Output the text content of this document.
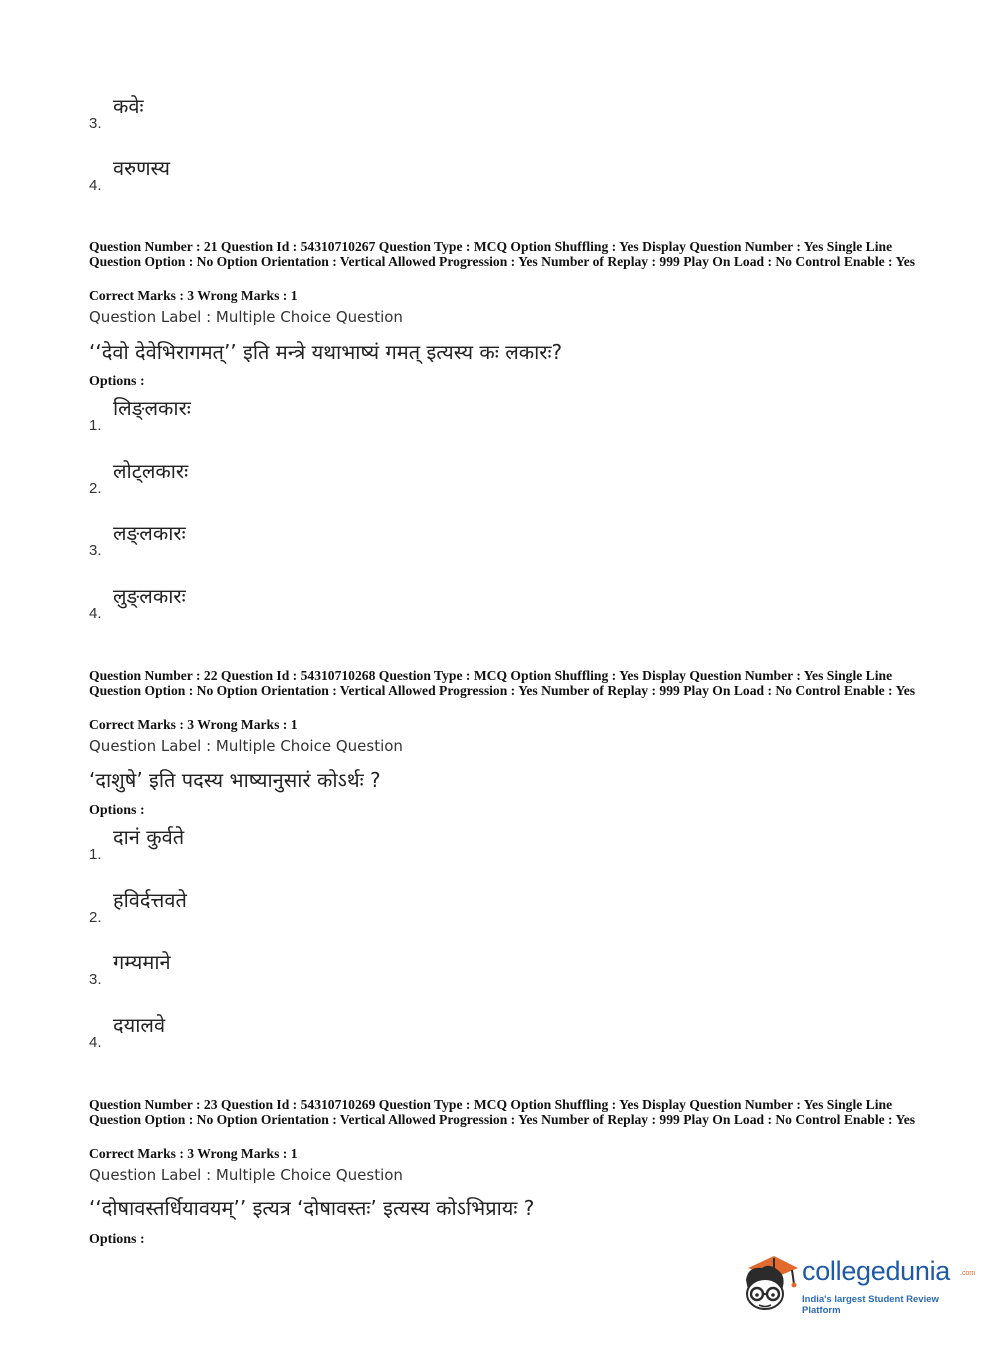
3.
कवेः
4.
वरुणस्य
Question Number : 21 Question Id : 54310710267 Question Type : MCQ Option Shuffling : Yes Display Question Number : Yes Single Line Question Option : No Option Orientation : Vertical Allowed Progression : Yes Number of Replay : 999 Play On Load : No Control Enable : Yes
Correct Marks : 3 Wrong Marks : 1
Question Label : Multiple Choice Question
‘‘देवो देवेभिरागमत्’’ इति मन्त्रे यथाभाष्यं गमत् इत्यस्य कः लकारः?
Options :
1.
लिङ्लकारः
2.
लोट्लकारः
3.
लङ्लकारः
4.
लुङ्लकारः
Question Number : 22 Question Id : 54310710268 Question Type : MCQ Option Shuffling : Yes Display Question Number : Yes Single Line Question Option : No Option Orientation : Vertical Allowed Progression : Yes Number of Replay : 999 Play On Load : No Control Enable : Yes
Correct Marks : 3 Wrong Marks : 1
Question Label : Multiple Choice Question
‘दाशुषे’ इति पदस्य भाष्यानुसारं कोऽर्थः ?
Options :
1.
दानं कुर्वते
2.
हविर्दत्तवते
3.
गम्यमाने
4.
दयालवे
Question Number : 23 Question Id : 54310710269 Question Type : MCQ Option Shuffling : Yes Display Question Number : Yes Single Line Question Option : No Option Orientation : Vertical Allowed Progression : Yes Number of Replay : 999 Play On Load : No Control Enable : Yes
Correct Marks : 3 Wrong Marks : 1
Question Label : Multiple Choice Question
‘‘दोषावस्तर्धियावयम्’’ इत्यत्र ‘दोषावस्तः’ इत्यस्य कोऽभिप्रायः ?
Options :
collegedunia .com
India's largest Student Review Platform
